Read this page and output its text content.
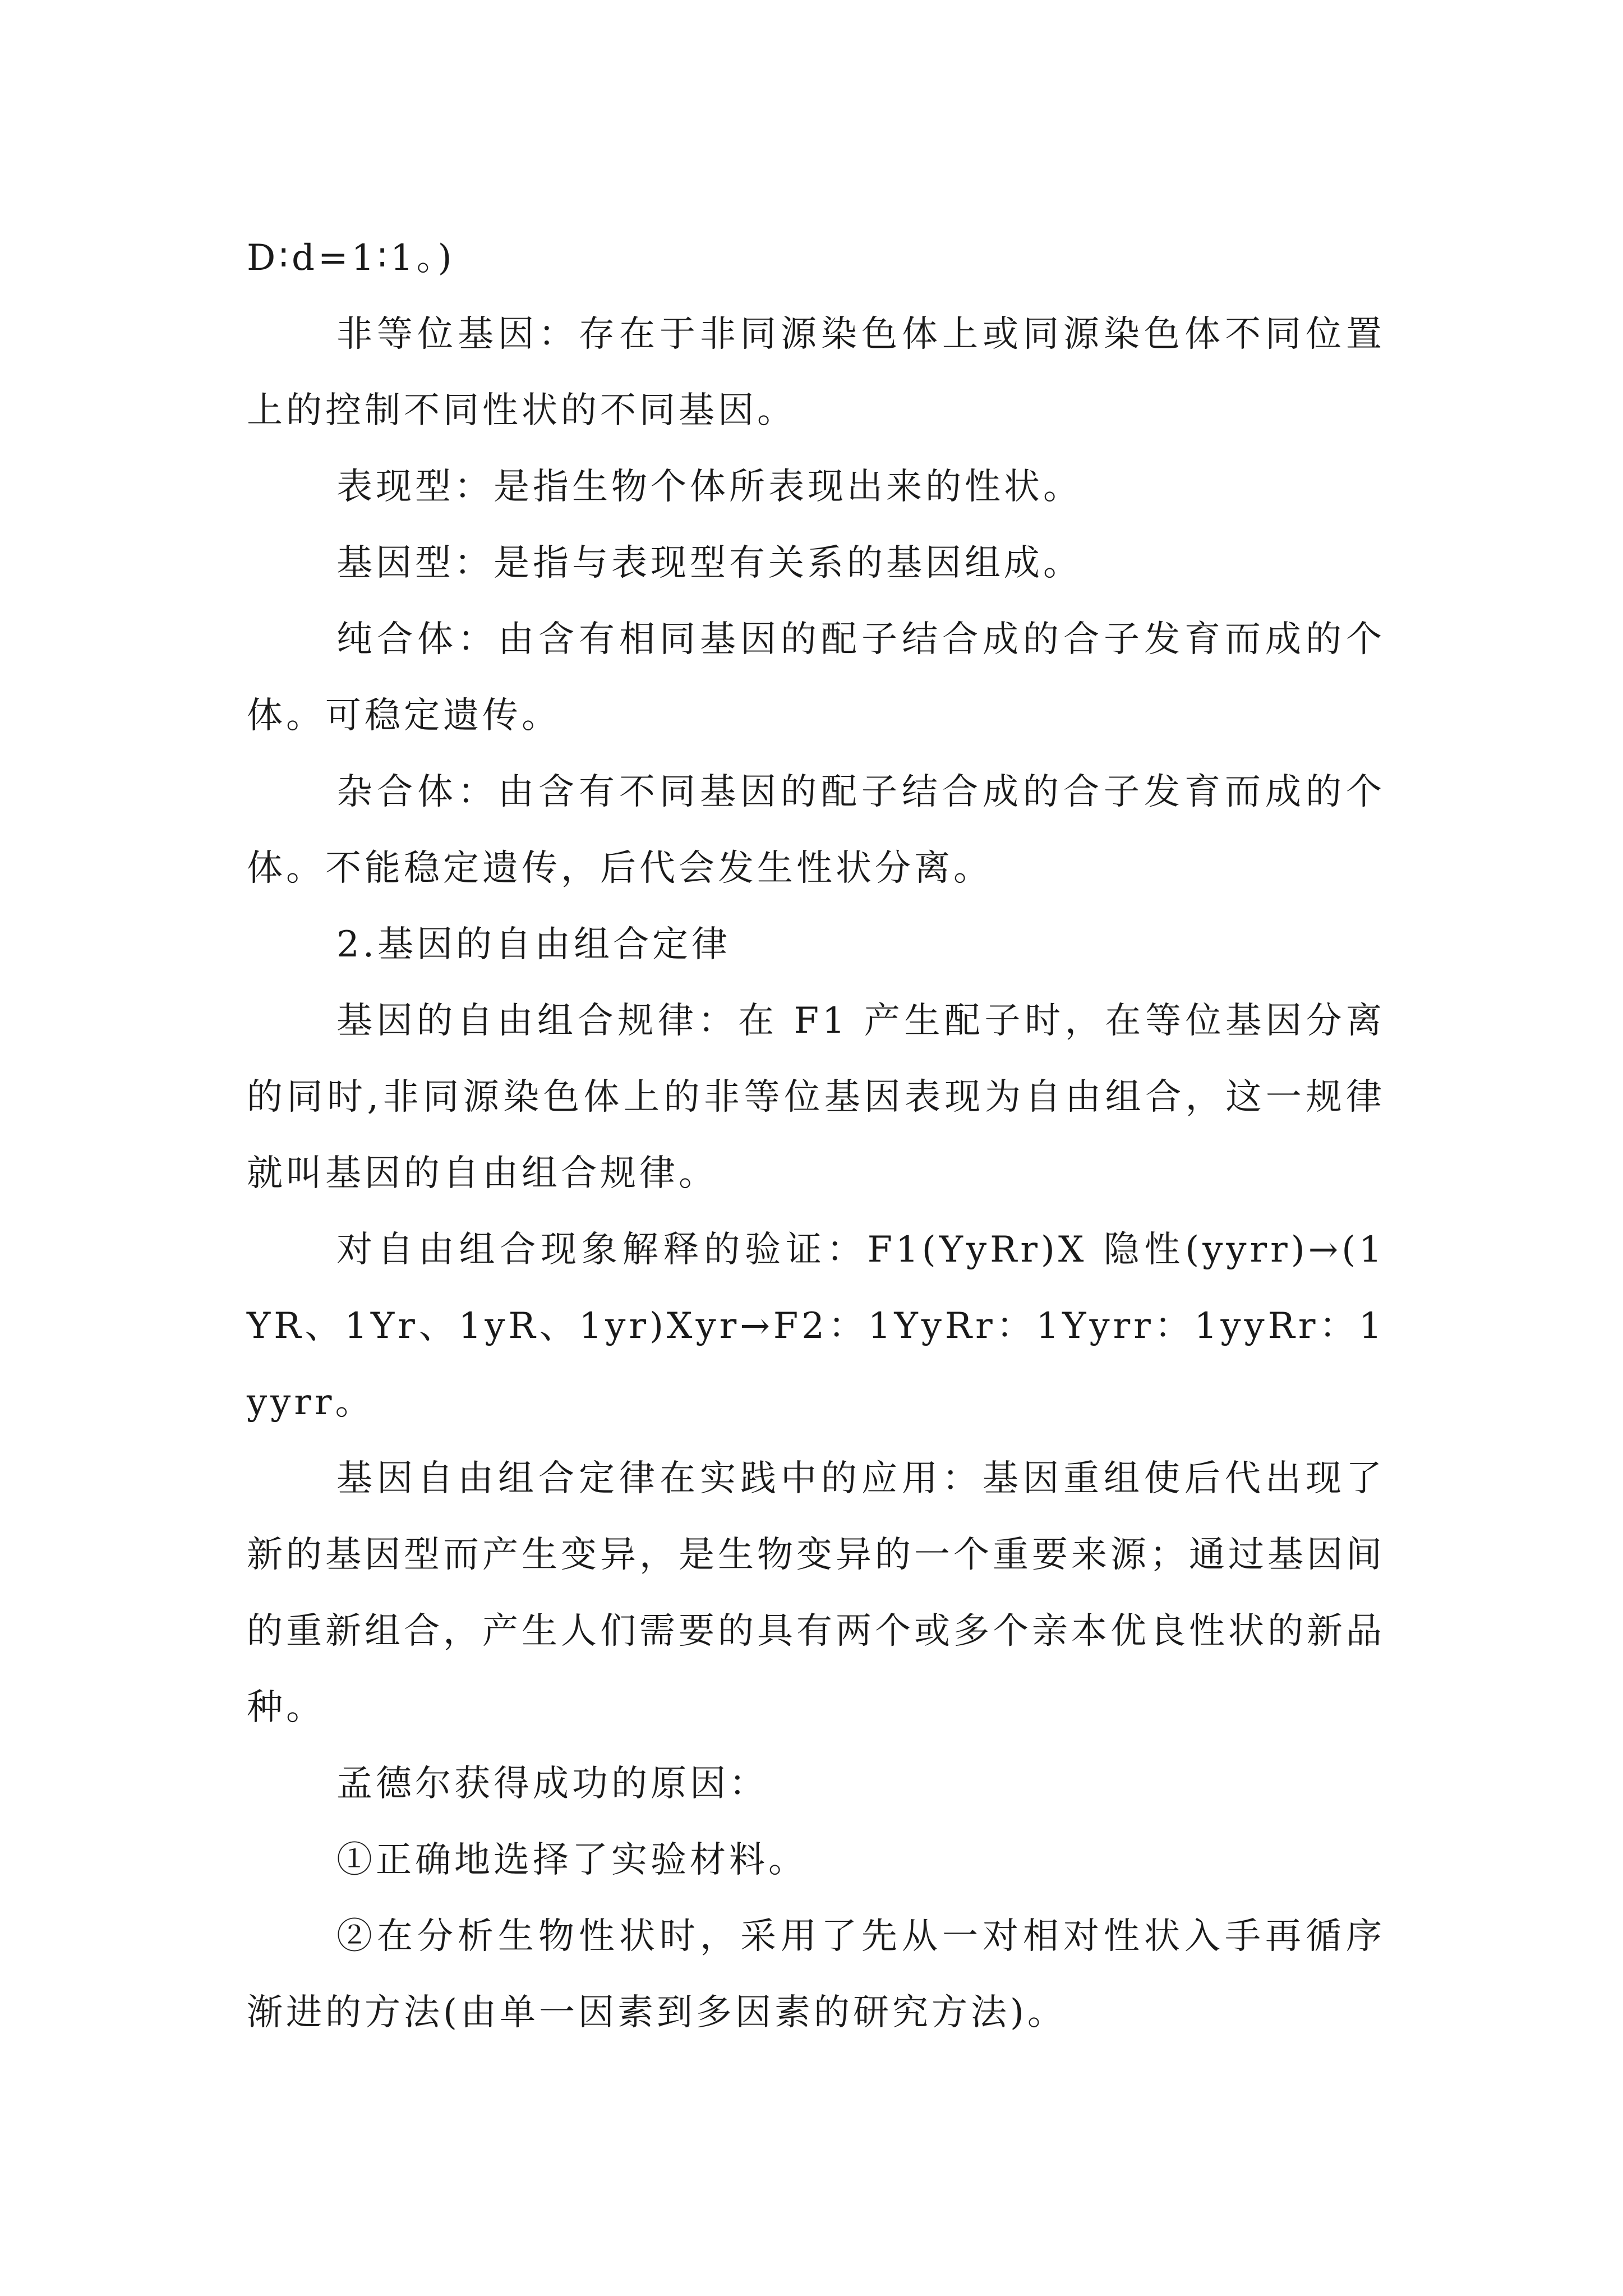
D∶d=1∶1。)

非等位基因：存在于非同源染色体上或同源染色体不同位置上的控制不同性状的不同基因。

表现型：是指生物个体所表现出来的性状。

基因型：是指与表现型有关系的基因组成。

纯合体：由含有相同基因的配子结合成的合子发育而成的个体。可稳定遗传。

杂合体：由含有不同基因的配子结合成的合子发育而成的个体。不能稳定遗传，后代会发生性状分离。

2.基因的自由组合定律

基因的自由组合规律：在 F1 产生配子时，在等位基因分离的同时,非同源染色体上的非等位基因表现为自由组合，这一规律就叫基因的自由组合规律。

对自由组合现象解释的验证：F1(YyRr)X 隐性(yyrr)→(1YR、1Yr、1yR、1yr)Xyr→F2：1YyRr：1Yyrr：1yyRr：1yyrr。

基因自由组合定律在实践中的应用：基因重组使后代出现了新的基因型而产生变异，是生物变异的一个重要来源；通过基因间的重新组合，产生人们需要的具有两个或多个亲本优良性状的新品种。

孟德尔获得成功的原因：

①正确地选择了实验材料。

②在分析生物性状时，采用了先从一对相对性状入手再循序渐进的方法(由单一因素到多因素的研究方法)。
